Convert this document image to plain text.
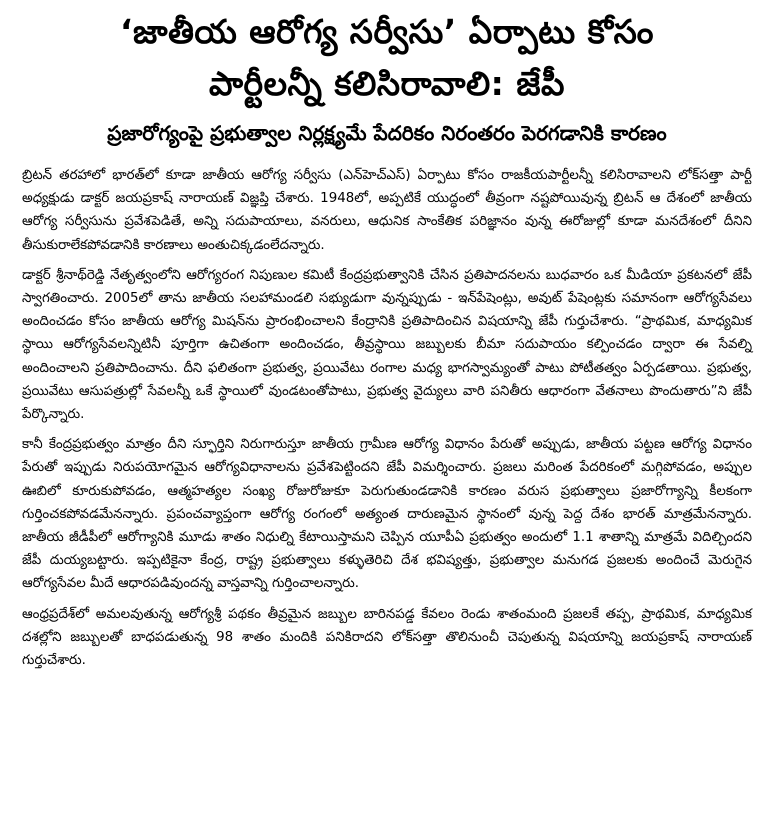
‘జాతీయ ఆరోగ్య సర్వీసు’ ఏర్పాటు కోసం
పార్టీలన్నీ కలిసిరావాలి: జేపీ
ప్రజారోగ్యంపై ప్రభుత్వాల నిర్లక్ష్యమే పేదరికం నిరంతరం పెరగడానికి కారణం

బ్రిటన్ తరహాలో భారత్‌లో కూడా జాతీయ ఆరోగ్య సర్వీసు (ఎన్‌హెచ్ఎస్) ఏర్పాటు కోసం రాజకీయపార్టీలన్నీ కలిసిరావాలని లోక్‌సత్తా పార్టీ అధ్యక్షుడు డాక్టర్ జయప్రకాష్ నారాయణ్ విజ్ఞప్తి చేశారు. 1948లో, అప్పటికే యుద్ధంలో తీవ్రంగా నష్టపోయివున్న బ్రిటన్ ఆ దేశంలో జాతీయ ఆరోగ్య సర్వీసును ప్రవేశపెడితే, అన్ని సదుపాయాలు, వనరులు, ఆధునిక సాంకేతిక పరిజ్ఞానం వున్న ఈరోజుల్లో కూడా మనదేశంలో దీనిని తీసుకురాలేకపోవడానికి కారణాలు అంతుచిక్కడంలేదన్నారు.

డాక్టర్ శ్రీనాథ్‌రెడ్డి నేతృత్వంలోని ఆరోగ్యరంగ నిపుణుల కమిటీ కేంద్రప్రభుత్వానికి చేసిన ప్రతిపాదనలను బుధవారం ఒక మీడియా ప్రకటనలో జేపీ స్వాగతించారు. 2005లో తాను జాతీయ సలహామండలి సభ్యుడుగా వున్నప్పుడు - ఇన్‌పేషెంట్లు, అవుట్ పేషెంట్లకు సమానంగా ఆరోగ్యసేవలు అందించడం కోసం జాతీయ ఆరోగ్య మిషన్‌ను ప్రారంభించాలని కేంద్రానికి ప్రతిపాదించిన విషయాన్ని జేపీ గుర్తుచేశారు. “ప్రాథమిక, మాధ్యమిక స్థాయి ఆరోగ్యసేవలన్నిటినీ పూర్తిగా ఉచితంగా అందించడం, తీవ్రస్థాయి జబ్బులకు బీమా సదుపాయం కల్పించడం ద్వారా ఈ సేవల్ని అందించాలని ప్రతిపాదించాను. దీని ఫలితంగా ప్రభుత్వ, ప్రయివేటు రంగాల మధ్య భాగస్వామ్యంతో పాటు పోటీతత్వం ఏర్పడతాయి. ప్రభుత్వ, ప్రయివేటు ఆసుపత్రుల్లో సేవలన్నీ ఒకే స్థాయిలో వుండటంతోపాటు, ప్రభుత్వ వైద్యులు వారి పనితీరు ఆధారంగా వేతనాలు పొందుతారు”ని జేపీ పేర్కొన్నారు.

కానీ కేంద్రప్రభుత్వం మాత్రం దీని స్ఫూర్తిని నిరుగారుస్తూ జాతీయ గ్రామీణ ఆరోగ్య విధానం పేరుతో అప్పుడు, జాతీయ పట్టణ ఆరోగ్య విధానం పేరుతో ఇప్పుడు నిరుపయోగమైన ఆరోగ్యవిధానాలను ప్రవేశపెట్టిందని జేపీ విమర్శించారు. ప్రజలు మరింత పేదరికంలో మగ్గిపోవడం, అప్పుల ఊబిలో కూరుకుపోవడం, ఆత్మహత్యల సంఖ్య రోజురోజుకూ పెరుగుతుండడానికి కారణం వరుస ప్రభుత్వాలు ప్రజారోగ్యాన్ని కీలకంగా గుర్తించకపోవడమేనన్నారు. ప్రపంచవ్యాప్తంగా ఆరోగ్య రంగంలో అత్యంత దారుణమైన స్థానంలో వున్న పెద్ద దేశం భారత్ మాత్రమేనన్నారు. జాతీయ జీడీపీలో ఆరోగ్యానికి మూడు శాతం నిధుల్ని కేటాయిస్తామని చెప్పిన యూపీఏ ప్రభుత్వం అందులో 1.1 శాతాన్ని మాత్రమే విదిల్చిందని జేపీ దుయ్యబట్టారు. ఇప్పటికైనా కేంద్ర, రాష్ట్ర ప్రభుత్వాలు కళ్ళుతెరిచి దేశ భవిష్యత్తు, ప్రభుత్వాల మనుగడ ప్రజలకు అందించే మెరుగైన ఆరోగ్యసేవల మీదే ఆధారపడివుందన్న వాస్తవాన్ని గుర్తించాలన్నారు.

ఆంధ్రప్రదేశ్‌లో అమలవుతున్న ఆరోగ్యశ్రీ పథకం తీవ్రమైన జబ్బుల బారినపడ్డ కేవలం రెండు శాతంమంది ప్రజలకే తప్ప, ప్రాథమిక, మాధ్యమిక దశల్లోని జబ్బులతో బాధపడుతున్న 98 శాతం మందికి పనికిరాదని లోక్‌సత్తా తొలినుంచీ చెపుతున్న విషయాన్ని జయప్రకాష్ నారాయణ్ గుర్తుచేశారు.
